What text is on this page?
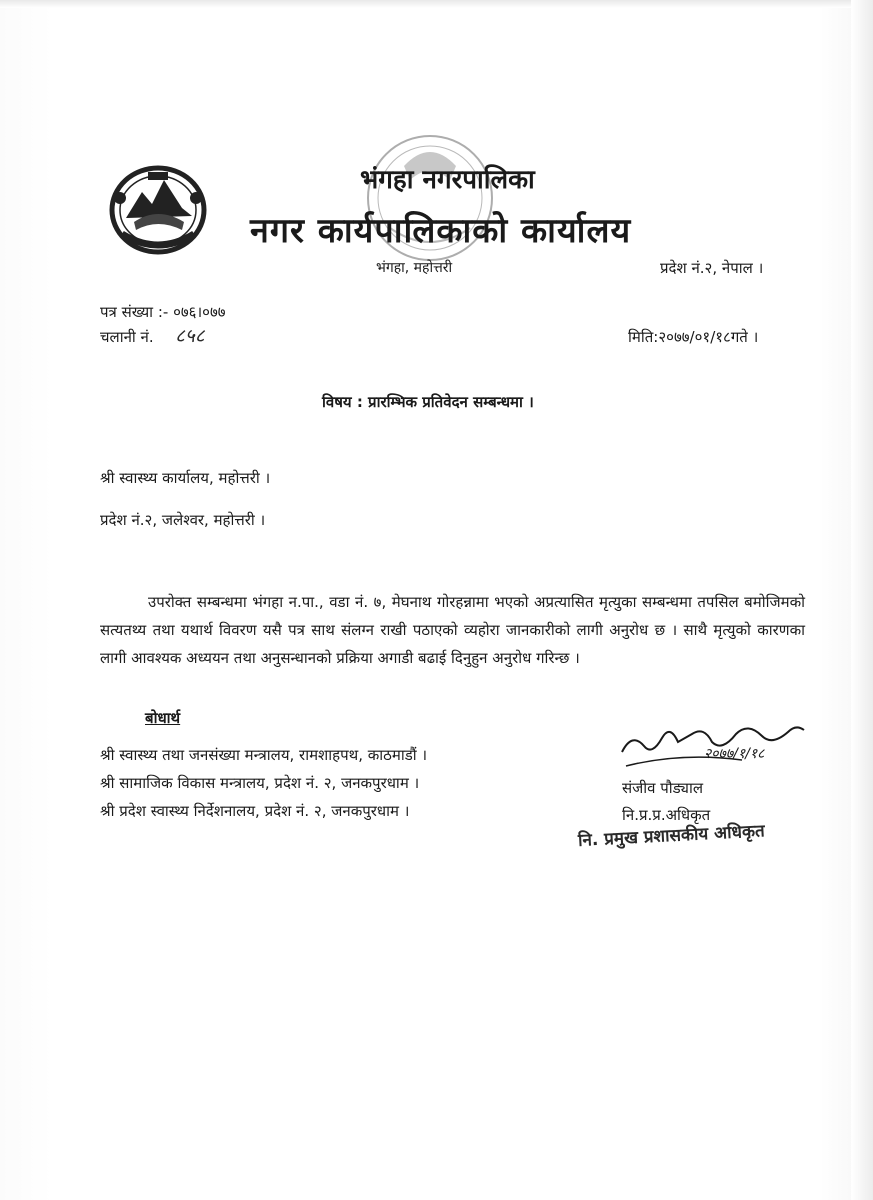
भंगहा नगरपालिका
नगर कार्यपालिकाको कार्यालय
भंगहा, महोत्तरी	प्रदेश नं.२, नेपाल ।
पत्र संख्या :- ०७६।०७७
चलानी नं. ८५८	मिति:२०७७/०१/१८गते ।
विषय : प्रारम्भिक प्रतिवेदन सम्बन्धमा ।
श्री स्वास्थ्य कार्यालय, महोत्तरी ।
प्रदेश नं.२, जलेश्वर, महोत्तरी ।
उपरोक्त सम्बन्धमा भंगहा न.पा., वडा नं. ७, मेघनाथ गोरहन्नामा भएको अप्रत्यासित मृत्युका सम्बन्धमा तपसिल बमोजिमको सत्यतथ्य तथा यथार्थ विवरण यसै पत्र साथ संलग्न राखी पठाएको व्यहोरा जानकारीको लागी अनुरोध छ । साथै मृत्युको कारणका लागी आवश्यक अध्ययन तथा अनुसन्धानको प्रक्रिया अगाडी बढाई दिनुहुन अनुरोध गरिन्छ ।
बोधार्थ
श्री स्वास्थ्य तथा जनसंख्या मन्त्रालय, रामशाहपथ, काठमाडौं ।
श्री सामाजिक विकास मन्त्रालय, प्रदेश नं. २, जनकपुरधाम ।
श्री प्रदेश स्वास्थ्य निर्देशनालय, प्रदेश नं. २, जनकपुरधाम ।
२०७७/१/१८
संजीव पौड्याल
नि.प्र.प्र.अधिकृत
नि. प्रमुख प्रशासकीय अधिकृत
